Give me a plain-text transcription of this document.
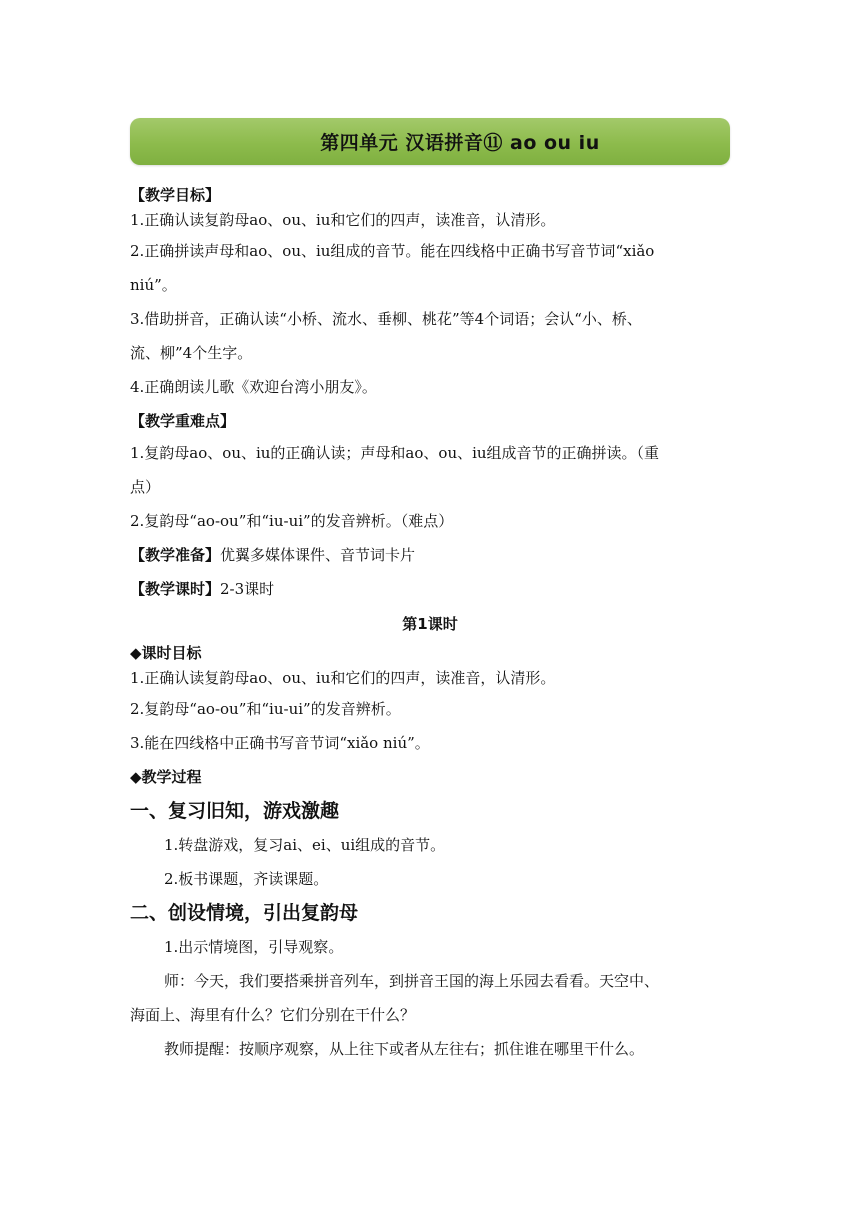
第四单元 汉语拼音⑪ ao ou iu
【教学目标】
1.正确认读复韵母ao、ou、iu和它们的四声，读准音，认清形。
2.正确拼读声母和ao、ou、iu组成的音节。能在四线格中正确书写音节词“xiǎo
niú”。
3.借助拼音，正确认读“小桥、流水、垂柳、桃花”等4个词语；会认“小、桥、
流、柳”4个生字。
4.正确朗读儿歌《欢迎台湾小朋友》。
【教学重难点】
1.复韵母ao、ou、iu的正确认读；声母和ao、ou、iu组成音节的正确拼读。（重
点）
2.复韵母“ao-ou”和“iu-ui”的发音辨析。（难点）
【教学准备】优翼多媒体课件、音节词卡片
【教学课时】2-3课时
第1课时
◆课时目标
1.正确认读复韵母ao、ou、iu和它们的四声，读准音，认清形。
2.复韵母“ao-ou”和“iu-ui”的发音辨析。
3.能在四线格中正确书写音节词“xiǎo niú”。
◆教学过程
一、复习旧知，游戏激趣
1.转盘游戏，复习ai、ei、ui组成的音节。
2.板书课题，齐读课题。
二、创设情境，引出复韵母
1.出示情境图，引导观察。
师：今天，我们要搭乘拼音列车，到拼音王国的海上乐园去看看。天空中、
海面上、海里有什么？它们分别在干什么？
教师提醒：按顺序观察，从上往下或者从左往右；抓住谁在哪里干什么。
